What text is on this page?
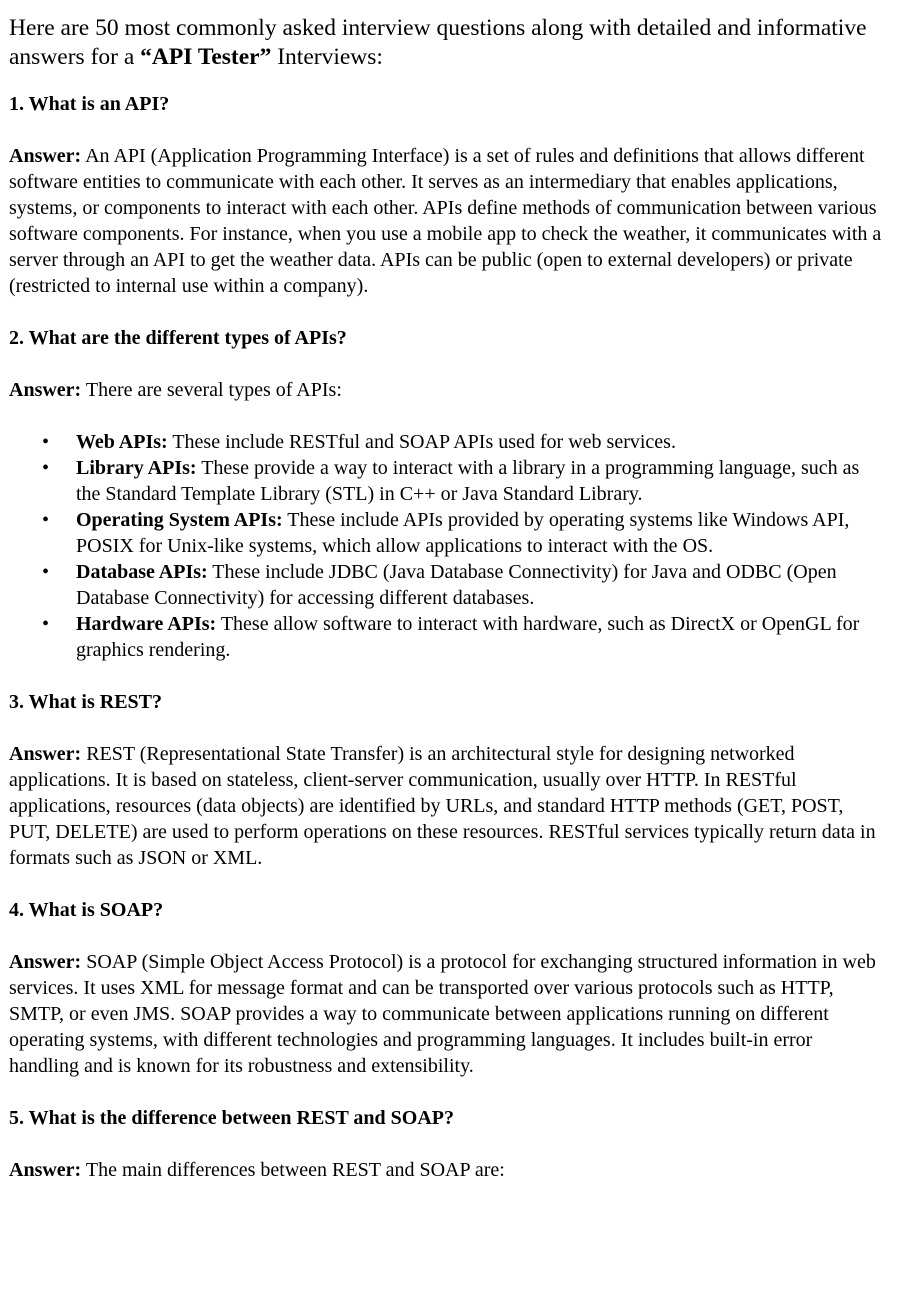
Here are 50 most commonly asked interview questions along with detailed and informative answers for a “API Tester” Interviews:

1. What is an API?

Answer: An API (Application Programming Interface) is a set of rules and definitions that allows different software entities to communicate with each other. It serves as an intermediary that enables applications, systems, or components to interact with each other. APIs define methods of communication between various software components. For instance, when you use a mobile app to check the weather, it communicates with a server through an API to get the weather data. APIs can be public (open to external developers) or private (restricted to internal use within a company).

2. What are the different types of APIs?

Answer: There are several types of APIs:

• Web APIs: These include RESTful and SOAP APIs used for web services.
• Library APIs: These provide a way to interact with a library in a programming language, such as the Standard Template Library (STL) in C++ or Java Standard Library.
• Operating System APIs: These include APIs provided by operating systems like Windows API, POSIX for Unix-like systems, which allow applications to interact with the OS.
• Database APIs: These include JDBC (Java Database Connectivity) for Java and ODBC (Open Database Connectivity) for accessing different databases.
• Hardware APIs: These allow software to interact with hardware, such as DirectX or OpenGL for graphics rendering.

3. What is REST?

Answer: REST (Representational State Transfer) is an architectural style for designing networked applications. It is based on stateless, client-server communication, usually over HTTP. In RESTful applications, resources (data objects) are identified by URLs, and standard HTTP methods (GET, POST, PUT, DELETE) are used to perform operations on these resources. RESTful services typically return data in formats such as JSON or XML.

4. What is SOAP?

Answer: SOAP (Simple Object Access Protocol) is a protocol for exchanging structured information in web services. It uses XML for message format and can be transported over various protocols such as HTTP, SMTP, or even JMS. SOAP provides a way to communicate between applications running on different operating systems, with different technologies and programming languages. It includes built-in error handling and is known for its robustness and extensibility.

5. What is the difference between REST and SOAP?

Answer: The main differences between REST and SOAP are:
